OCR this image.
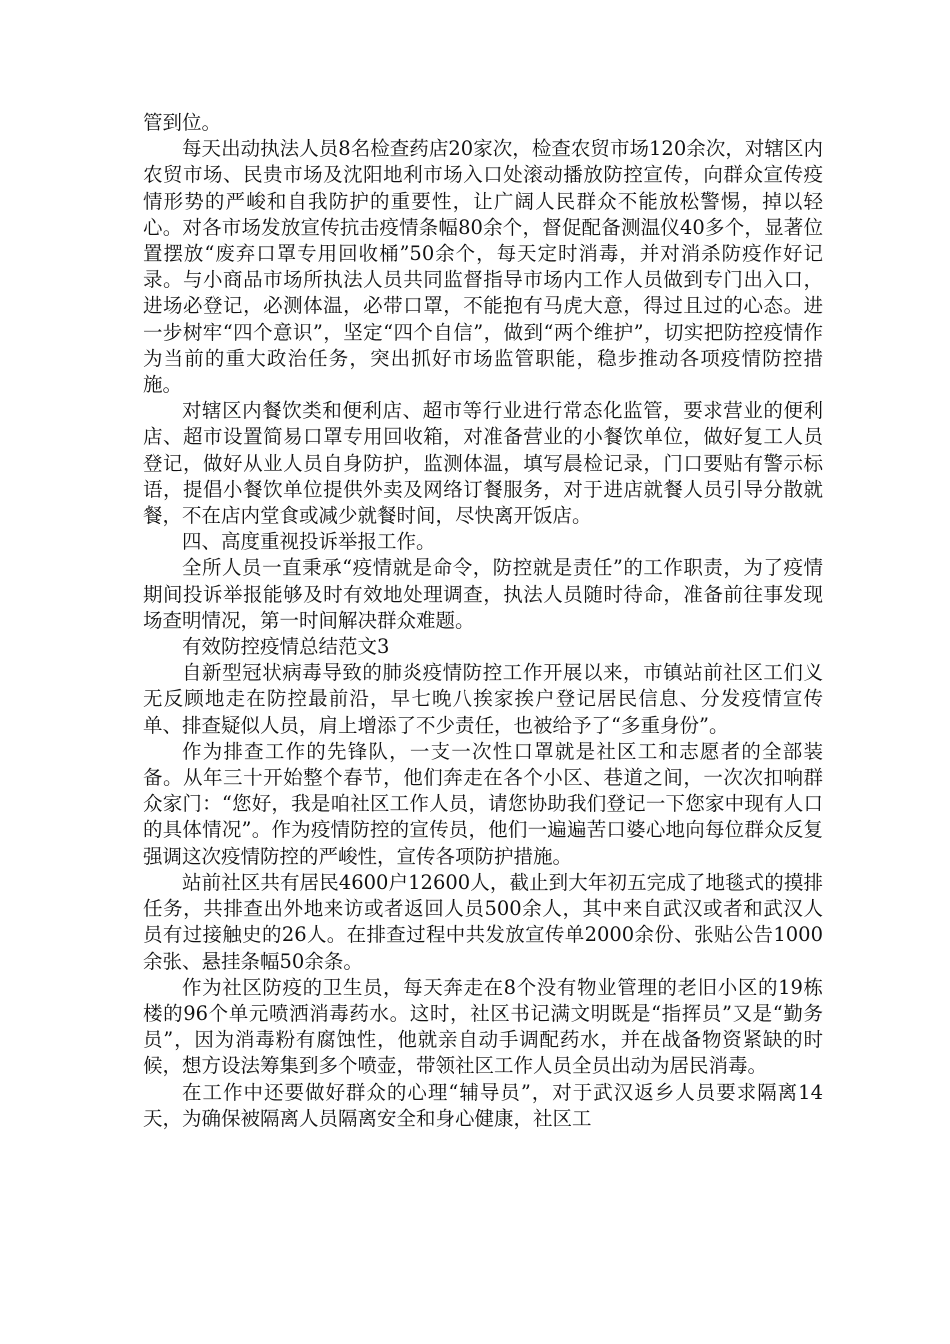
管到位。

每天出动执法人员8名检查药店20家次，检查农贸市场120余次，对辖区内农贸市场、民贵市场及沈阳地利市场入口处滚动播放防控宣传，向群众宣传疫情形势的严峻和自我防护的重要性，让广阔人民群众不能放松警惕，掉以轻心。对各市场发放宣传抗击疫情条幅80余个，督促配备测温仪40多个，显著位置摆放“废弃口罩专用回收桶”50余个，每天定时消毒，并对消杀防疫作好记录。与小商品市场所执法人员共同监督指导市场内工作人员做到专门出入口，进场必登记，必测体温，必带口罩，不能抱有马虎大意，得过且过的心态。进一步树牢“四个意识”，坚定“四个自信”，做到“两个维护”，切实把防控疫情作为当前的重大政治任务，突出抓好市场监管职能，稳步推动各项疫情防控措施。

对辖区内餐饮类和便利店、超市等行业进行常态化监管，要求营业的便利店、超市设置简易口罩专用回收箱，对准备营业的小餐饮单位，做好复工人员登记，做好从业人员自身防护，监测体温，填写晨检记录，门口要贴有警示标语，提倡小餐饮单位提供外卖及网络订餐服务，对于进店就餐人员引导分散就餐，不在店内堂食或减少就餐时间，尽快离开饭店。

四、高度重视投诉举报工作。

全所人员一直秉承“疫情就是命令，防控就是责任”的工作职责，为了疫情期间投诉举报能够及时有效地处理调查，执法人员随时待命，准备前往事发现场查明情况，第一时间解决群众难题。

有效防控疫情总结范文3

自新型冠状病毒导致的肺炎疫情防控工作开展以来，市镇站前社区工们义无反顾地走在防控最前沿，早七晚八挨家挨户登记居民信息、分发疫情宣传单、排查疑似人员，肩上增添了不少责任，也被给予了“多重身份”。

作为排查工作的先锋队，一支一次性口罩就是社区工和志愿者的全部装备。从年三十开始整个春节，他们奔走在各个小区、巷道之间，一次次扣响群众家门：“您好，我是咱社区工作人员，请您协助我们登记一下您家中现有人口的具体情况”。作为疫情防控的宣传员，他们一遍遍苦口婆心地向每位群众反复强调这次疫情防控的严峻性，宣传各项防护措施。

站前社区共有居民4600户12600人，截止到大年初五完成了地毯式的摸排任务，共排查出外地来访或者返回人员500余人，其中来自武汉或者和武汉人员有过接触史的26人。在排查过程中共发放宣传单2000余份、张贴公告1000余张、悬挂条幅50余条。

作为社区防疫的卫生员，每天奔走在8个没有物业管理的老旧小区的19栋楼的96个单元喷洒消毒药水。这时，社区书记满文明既是“指挥员”又是“勤务员”，因为消毒粉有腐蚀性，他就亲自动手调配药水，并在战备物资紧缺的时候，想方设法筹集到多个喷壶，带领社区工作人员全员出动为居民消毒。

在工作中还要做好群众的心理“辅导员”，对于武汉返乡人员要求隔离14天，为确保被隔离人员隔离安全和身心健康，社区工
